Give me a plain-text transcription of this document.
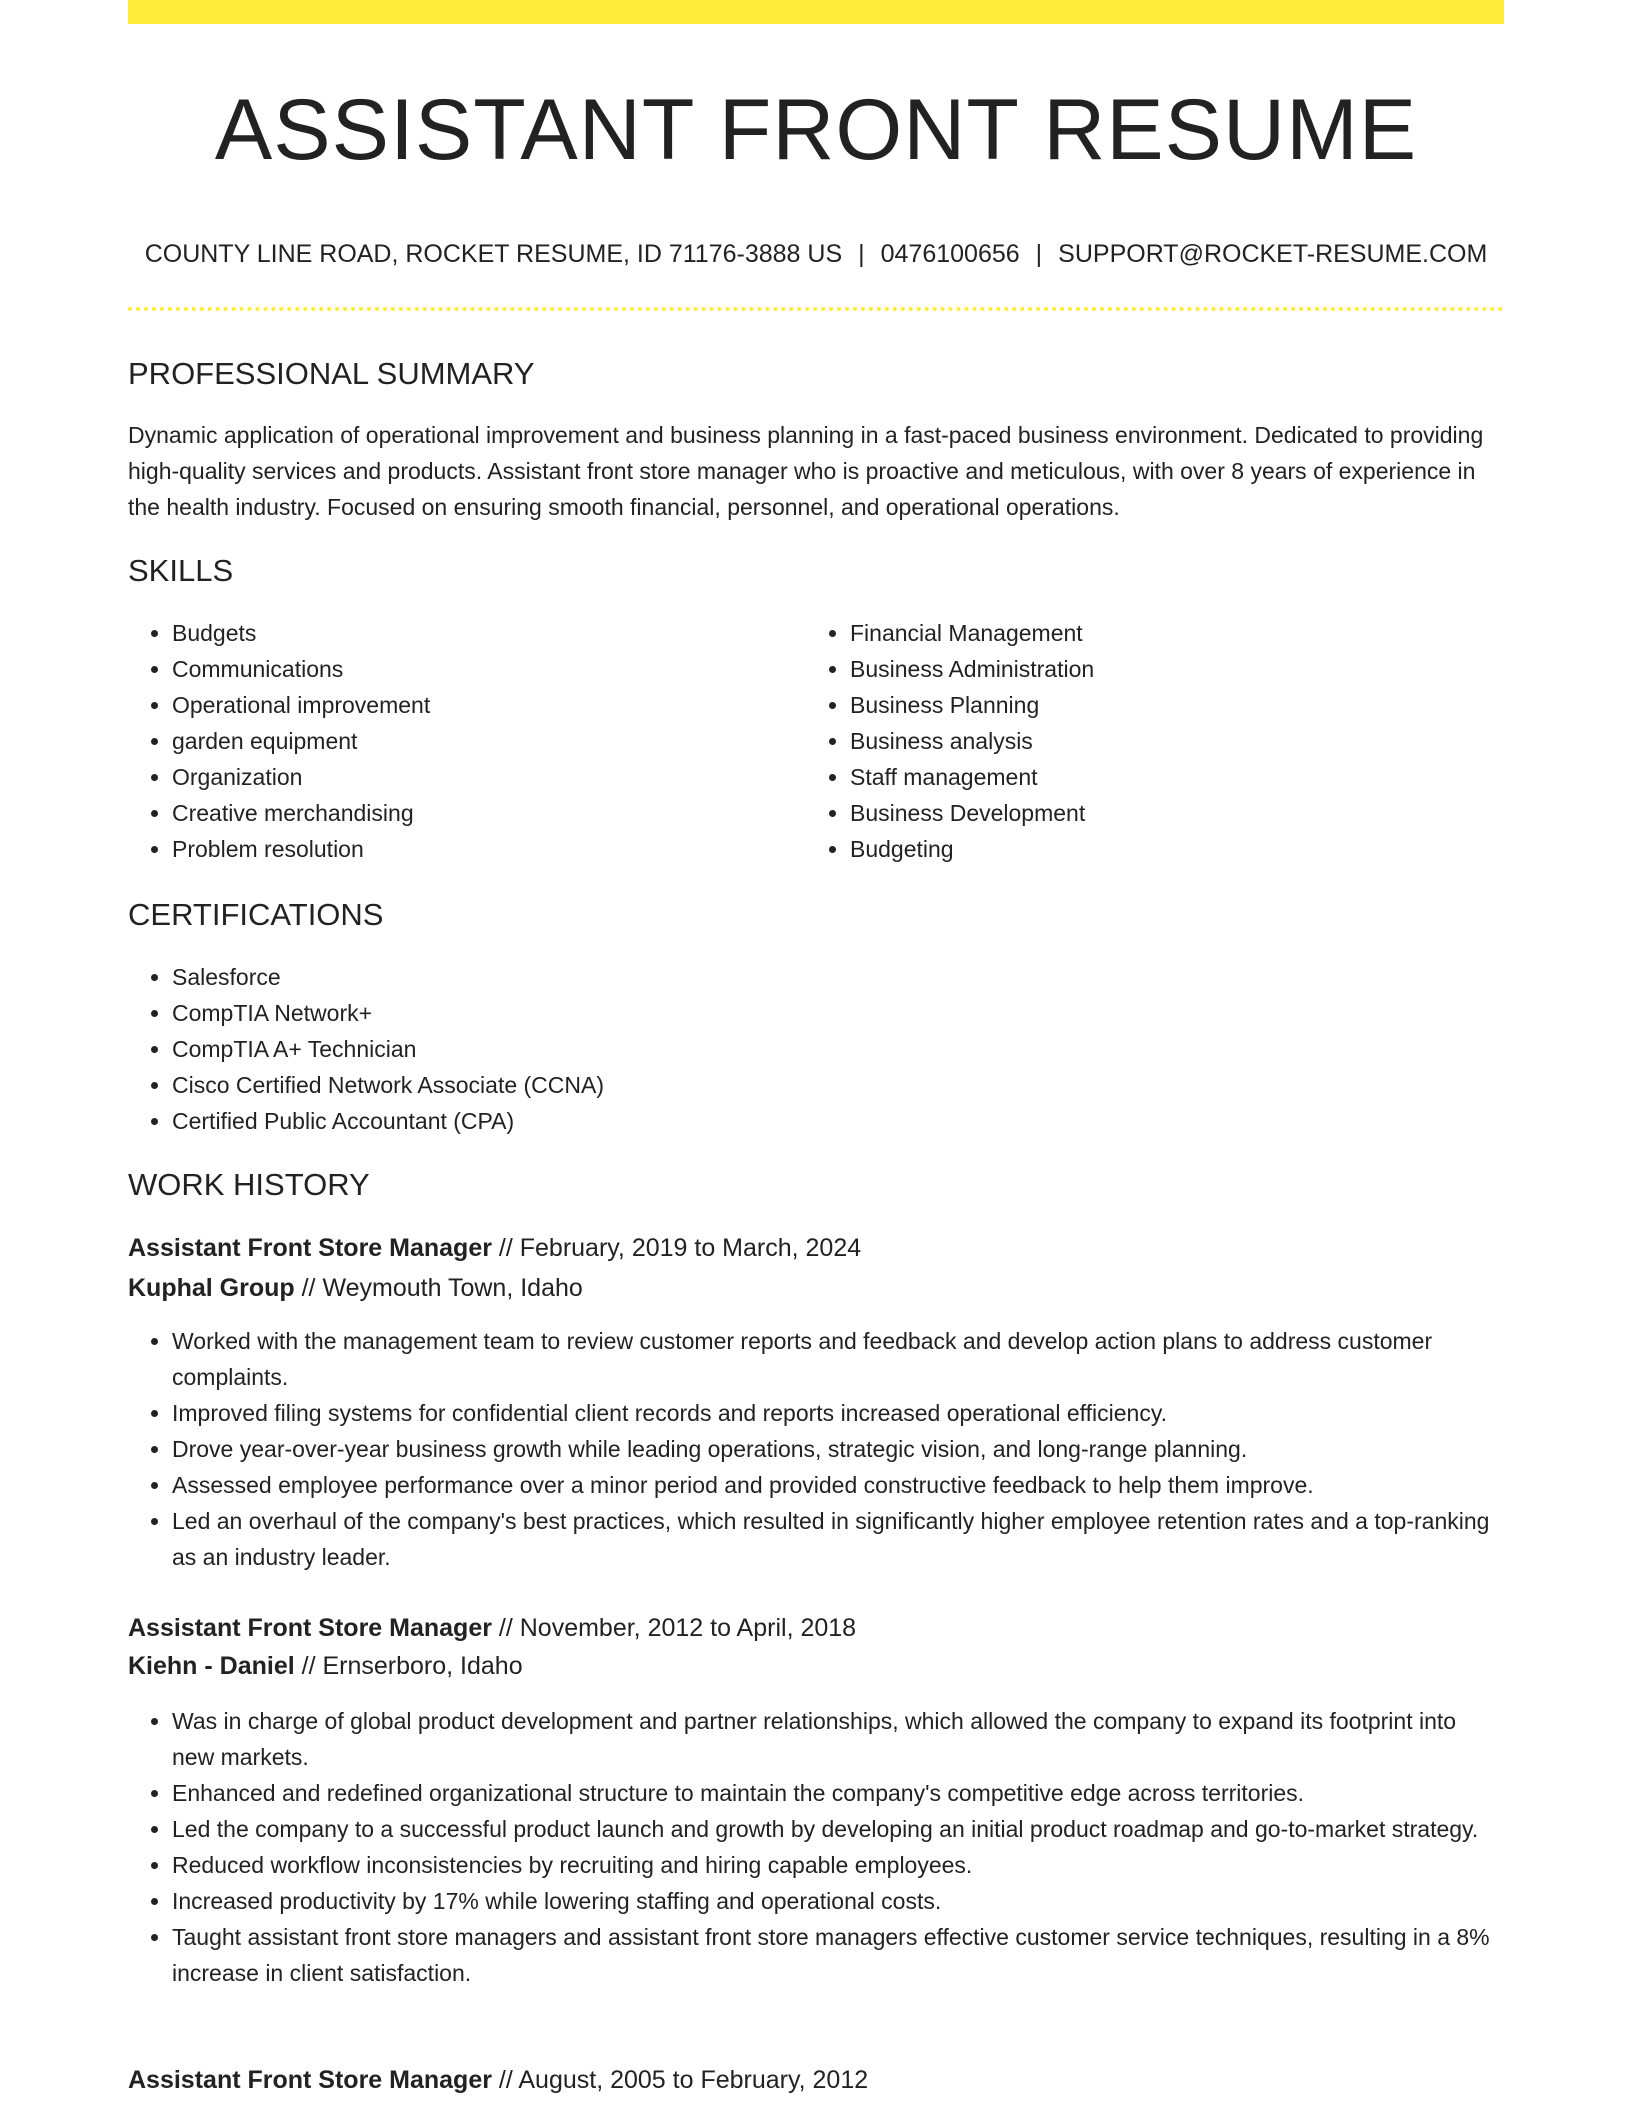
ASSISTANT FRONT RESUME
COUNTY LINE ROAD, ROCKET RESUME, ID 71176-3888 US | 0476100656 | SUPPORT@ROCKET-RESUME.COM
PROFESSIONAL SUMMARY

Dynamic application of operational improvement and business planning in a fast-paced business environment. Dedicated to providing high-quality services and products. Assistant front store manager who is proactive and meticulous, with over 8 years of experience in the health industry. Focused on ensuring smooth financial, personnel, and operational operations.

SKILLS
• Budgets
• Communications
• Operational improvement
• garden equipment
• Organization
• Creative merchandising
• Problem resolution
• Financial Management
• Business Administration
• Business Planning
• Business analysis
• Staff management
• Business Development
• Budgeting
CERTIFICATIONS
• Salesforce
• CompTIA Network+
• CompTIA A+ Technician
• Cisco Certified Network Associate (CCNA)
• Certified Public Accountant (CPA)
WORK HISTORY
Assistant Front Store Manager // February, 2019 to March, 2024
Kuphal Group // Weymouth Town, Idaho
• Worked with the management team to review customer reports and feedback and develop action plans to address customer complaints.
• Improved filing systems for confidential client records and reports increased operational efficiency.
• Drove year-over-year business growth while leading operations, strategic vision, and long-range planning.
• Assessed employee performance over a minor period and provided constructive feedback to help them improve.
• Led an overhaul of the company's best practices, which resulted in significantly higher employee retention rates and a top-ranking as an industry leader.
Assistant Front Store Manager // November, 2012 to April, 2018
Kiehn - Daniel // Ernserboro, Idaho
• Was in charge of global product development and partner relationships, which allowed the company to expand its footprint into new markets.
• Enhanced and redefined organizational structure to maintain the company's competitive edge across territories.
• Led the company to a successful product launch and growth by developing an initial product roadmap and go-to-market strategy.
• Reduced workflow inconsistencies by recruiting and hiring capable employees.
• Increased productivity by 17% while lowering staffing and operational costs.
• Taught assistant front store managers and assistant front store managers effective customer service techniques, resulting in a 8% increase in client satisfaction.
Assistant Front Store Manager // August, 2005 to February, 2012
